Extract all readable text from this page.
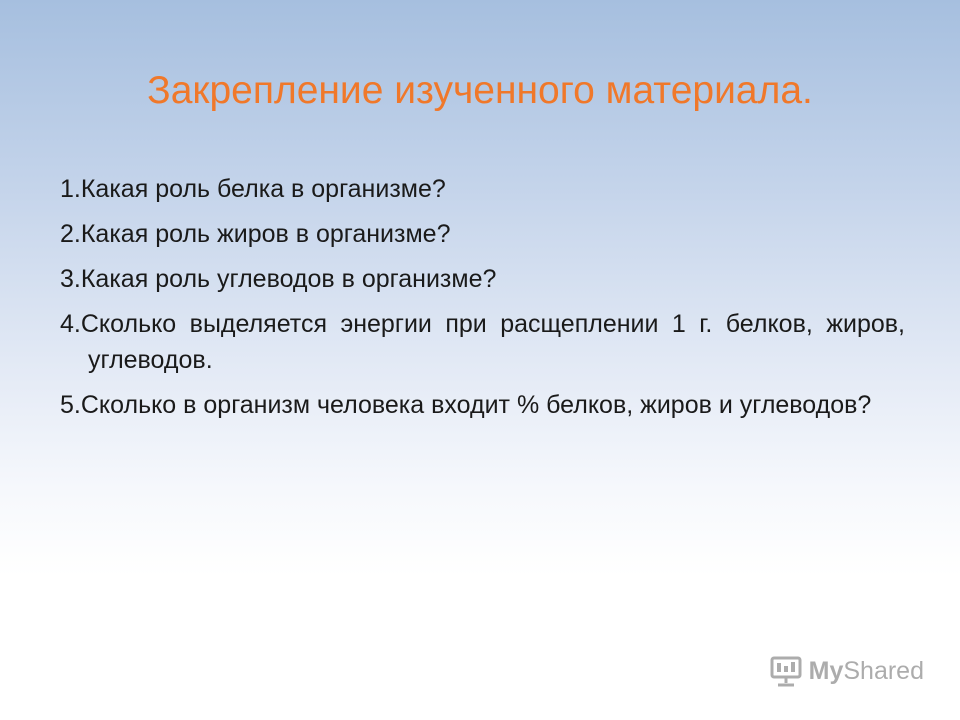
Закрепление изученного материала.
1.Какая роль белка в организме?
2.Какая роль жиров в организме?
3.Какая роль углеводов в организме?
4.Сколько выделяется энергии при расщеплении 1 г. белков, жиров, углеводов.
5.Сколько в организм человека входит % белков, жиров и углеводов?
MyShared
